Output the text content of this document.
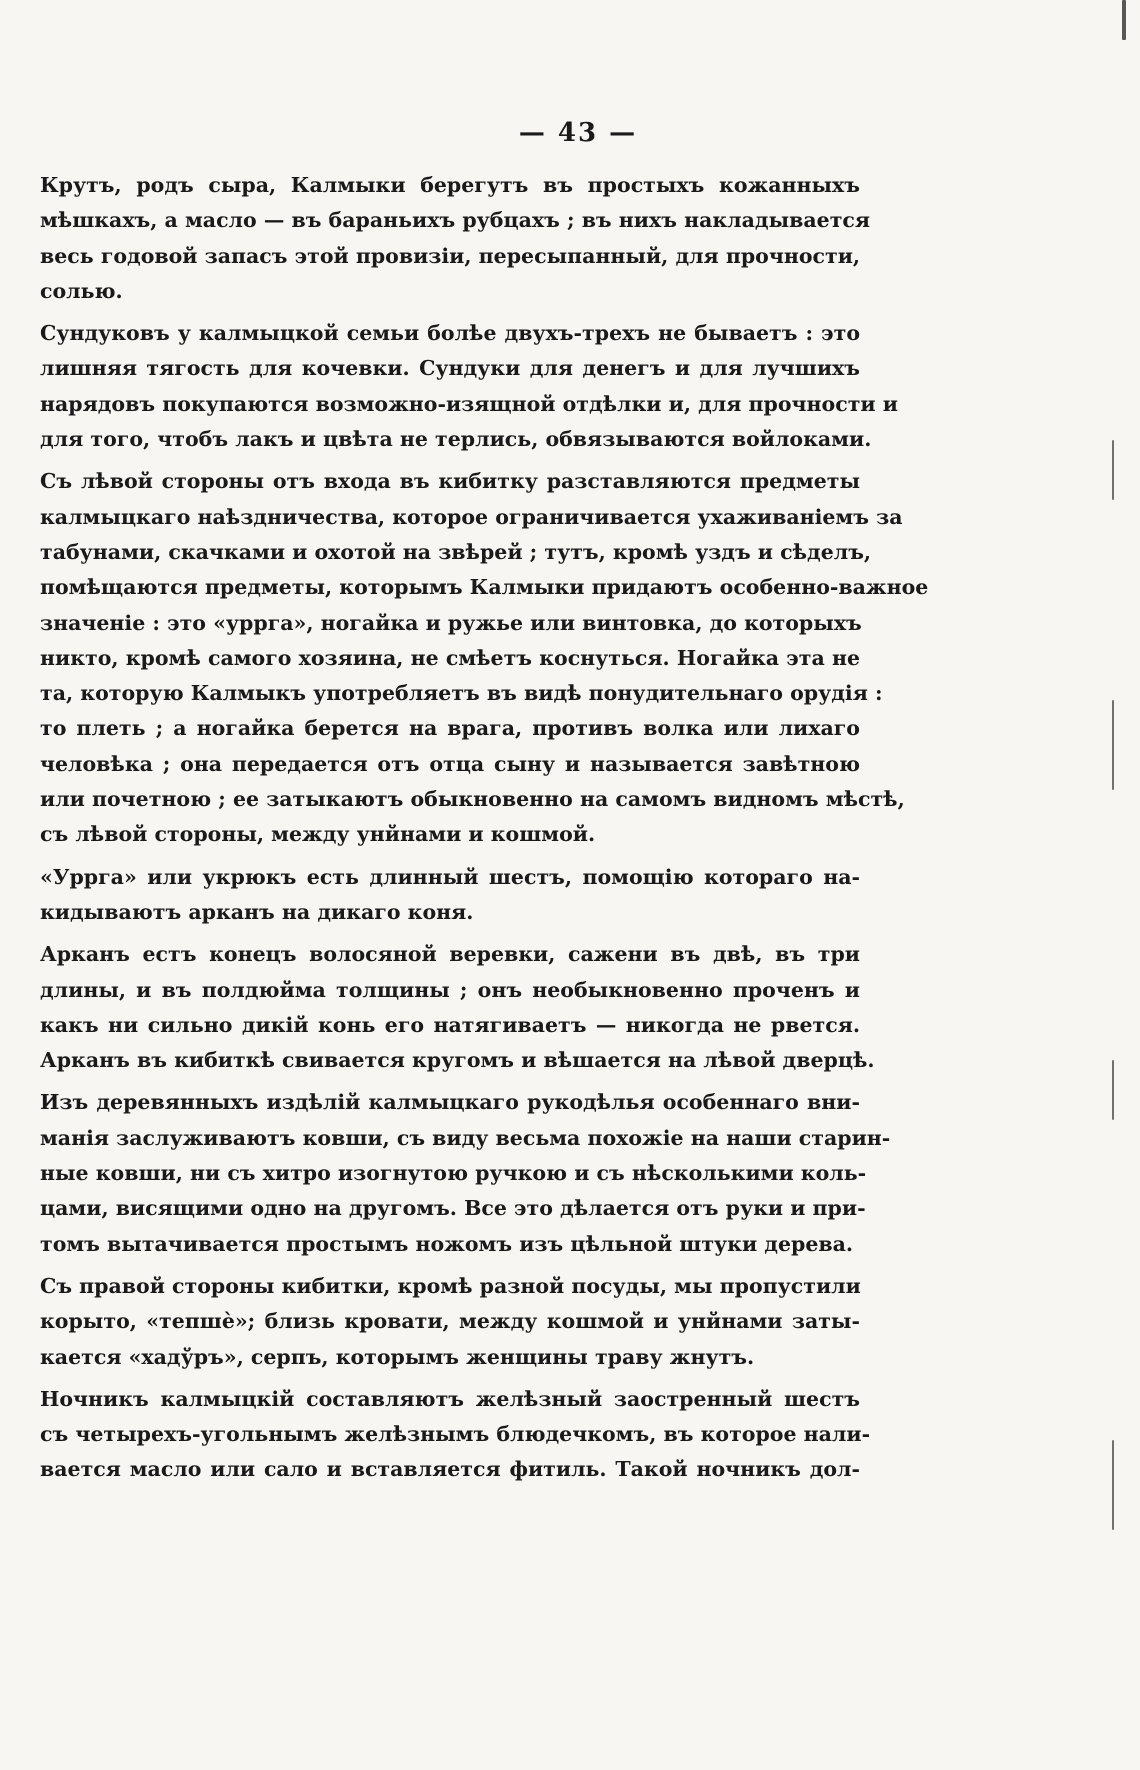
— 43 —
Крутъ, родъ сыра, Калмыки берегутъ въ простыхъ кожанныхъ
мѣшкахъ, а масло — въ бараньихъ рубцахъ ; въ нихъ накладывается
весь годовой запасъ этой провизіи, пересыпанный, для прочности,
солью.
Сундуковъ у калмыцкой семьи болѣе двухъ-трехъ не бываетъ : это
лишняя тягость для кочевки. Сундуки для денегъ и для лучшихъ
нарядовъ покупаются возможно-изящной отдѣлки и, для прочности и
для того, чтобъ лакъ и цвѣта не терлись, обвязываются войлоками.
Съ лѣвой стороны отъ входа въ кибитку разставляются предметы
калмыцкаго наѣздничества, которое ограничивается ухаживаніемъ за
табунами, скачками и охотой на звѣрей ; тутъ, кромѣ уздъ и сѣделъ,
помѣщаются предметы, которымъ Калмыки придаютъ особенно-важное
значеніе : это «уррга», ногайка и ружье или винтовка, до которыхъ
никто, кромѣ самого хозяина, не смѣетъ коснуться. Ногайка эта не
та, которую Калмыкъ употребляетъ въ видѣ понудительнаго орудія :
то плеть ; а ногайка берется на врага, противъ волка или лихаго
человѣка ; она передается отъ отца сыну и называется завѣтною
или почетною ; ее затыкаютъ обыкновенно на самомъ видномъ мѣстѣ,
съ лѣвой стороны, между унйнами и кошмой.
«Уррга» или укрюкъ есть длинный шестъ, помощію котораго на-
кидываютъ арканъ на дикаго коня.
Арканъ естъ конецъ волосяной веревки, сажени въ двѣ, въ три
длины, и въ полдюйма толщины ; онъ необыкновенно проченъ и
какъ ни сильно дикій конь его натягиваетъ — никогда не рвется.
Арканъ въ кибиткѣ свивается кругомъ и вѣшается на лѣвой дверцѣ.
Изъ деревянныхъ издѣлій калмыцкаго рукодѣлья особеннаго вни-
манія заслуживаютъ ковши, съ виду весьма похожіе на наши старин-
ные ковши, ни съ хитро изогнутою ручкою и съ нѣсколькими коль-
цами, висящими одно на другомъ. Все это дѣлается отъ руки и при-
томъ вытачивается простымъ ножомъ изъ цѣльной штуки дерева.
Съ правой стороны кибитки, кромѣ разной посуды, мы пропустили
корыто, «тепшѐ»; близь кровати, между кошмой и унйнами заты-
кается «хадўръ», серпъ, которымъ женщины траву жнутъ.
Ночникъ калмыцкій составляютъ желѣзный заостренный шестъ
съ четырехъ-угольнымъ желѣзнымъ блюдечкомъ, въ которое нали-
вается масло или сало и вставляется фитиль. Такой ночникъ дол-
